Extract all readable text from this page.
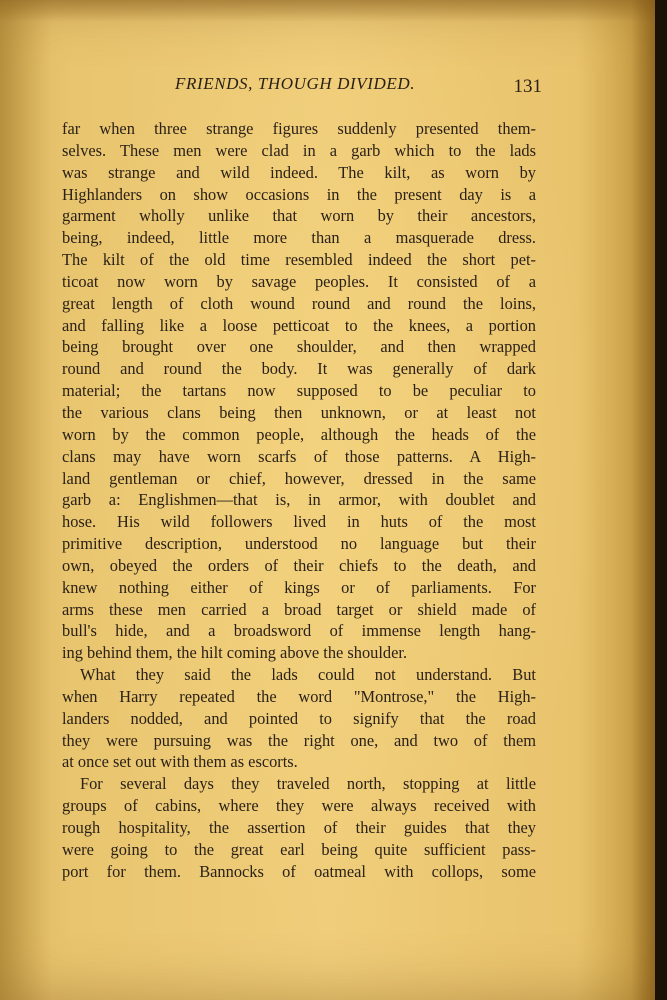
FRIENDS, THOUGH DIVIDED.	131
far when three strange figures suddenly presented them-
selves. These men were clad in a garb which to the lads
was strange and wild indeed. The kilt, as worn by
Highlanders on show occasions in the present day is a
garment wholly unlike that worn by their ancestors,
being, indeed, little more than a masquerade dress.
The kilt of the old time resembled indeed the short pet-
ticoat now worn by savage peoples. It consisted of a
great length of cloth wound round and round the loins,
and falling like a loose petticoat to the knees, a portion
being brought over one shoulder, and then wrapped
round and round the body. It was generally of dark
material; the tartans now supposed to be peculiar to
the various clans being then unknown, or at least not
worn by the common people, although the heads of the
clans may have worn scarfs of those patterns. A High-
land gentleman or chief, however, dressed in the same
garb a: Englishmen—that is, in armor, with doublet and
hose. His wild followers lived in huts of the most
primitive description, understood no language but their
own, obeyed the orders of their chiefs to the death, and
knew nothing either of kings or of parliaments. For
arms these men carried a broad target or shield made of
bull's hide, and a broadsword of immense length hang-
ing behind them, the hilt coming above the shoulder.
What they said the lads could not understand. But
when Harry repeated the word "Montrose," the High-
landers nodded, and pointed to signify that the road
they were pursuing was the right one, and two of them
at once set out with them as escorts.
For several days they traveled north, stopping at little
groups of cabins, where they were always received with
rough hospitality, the assertion of their guides that they
were going to the great earl being quite sufficient pass-
port for them. Bannocks of oatmeal with collops, some
